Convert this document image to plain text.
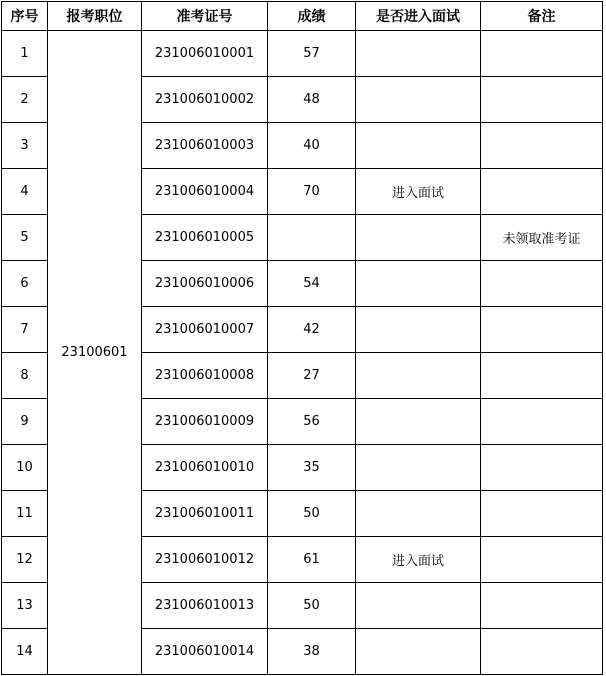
序号	报考职位	准考证号	成绩	是否进入面试	备注
1	23100601	231006010001	57		
2		231006010002	48		
3		231006010003	40		
4		231006010004	70	进入面试	
5		231006010005			未领取准考证
6		231006010006	54		
7		231006010007	42		
8		231006010008	27		
9		231006010009	56		
10		231006010010	35		
11		231006010011	50		
12		231006010012	61	进入面试	
13		231006010013	50		
14		231006010014	38		
